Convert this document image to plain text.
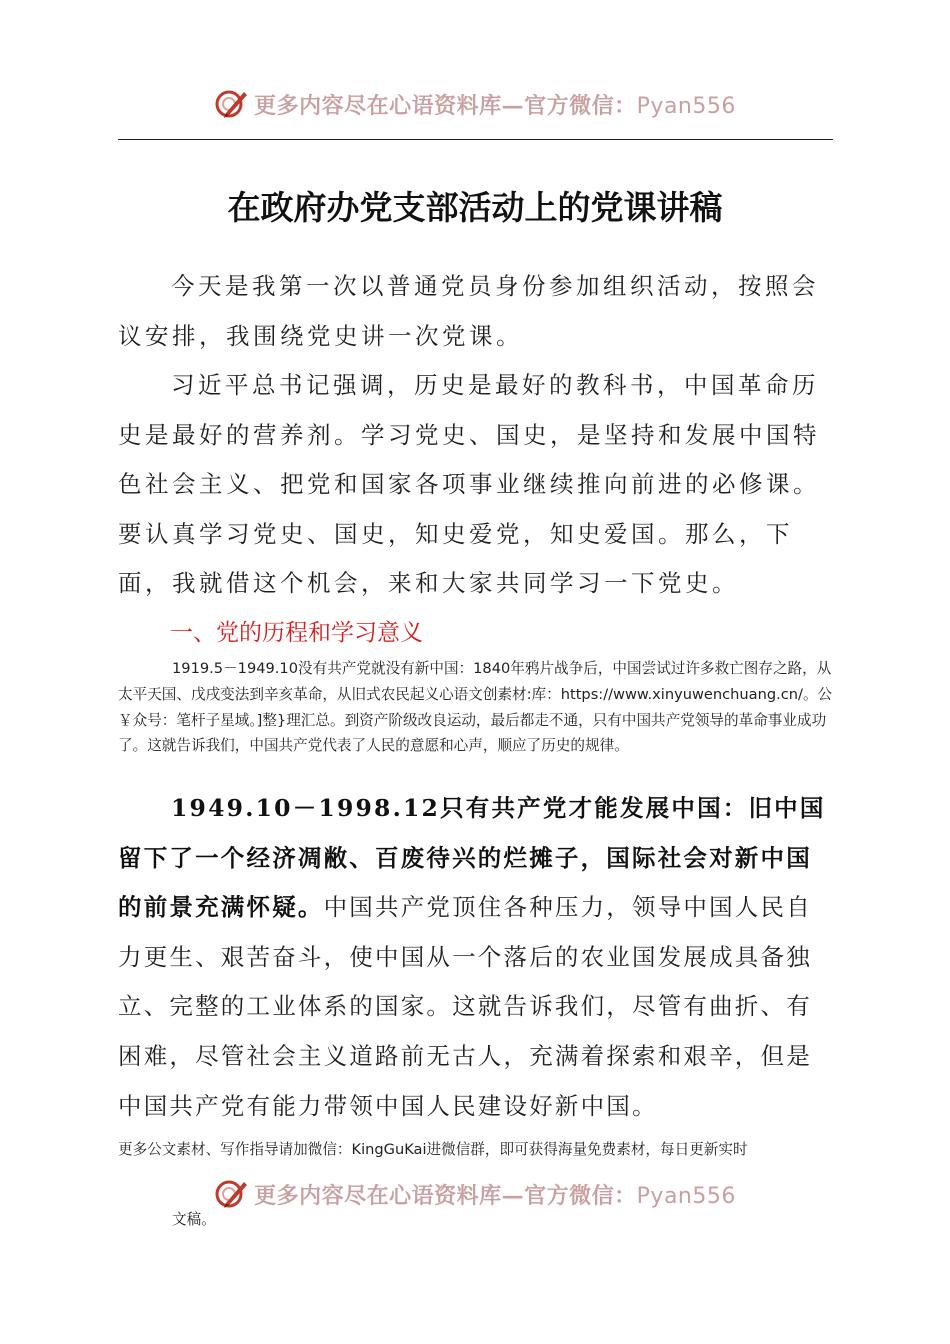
更多内容尽在心语资料库—官方微信：Pyan556
在政府办党支部活动上的党课讲稿
今天是我第一次以普通党员身份参加组织活动，按照会议安排，我围绕党史讲一次党课。
习近平总书记强调，历史是最好的教科书，中国革命历史是最好的营养剂。学习党史、国史，是坚持和发展中国特色社会主义、把党和国家各项事业继续推向前进的必修课。要认真学习党史、国史，知史爱党，知史爱国。那么，下面，我就借这个机会，来和大家共同学习一下党史。
一、党的历程和学习意义
1919.5－1949.10没有共产党就没有新中国：1840年鸦片战争后，中国尝试过许多救亡图存之路，从太平天国、戊戌变法到辛亥革命，从旧式农民起义心语文创素材:库：https://www.xinyuwenchuang.cn/。公￥众号：笔杆子星域。]整}理汇总。到资产阶级改良运动，最后都走不通，只有中国共产党领导的革命事业成功了。这就告诉我们，中国共产党代表了人民的意愿和心声，顺应了历史的规律。
1949.10－1998.12只有共产党才能发展中国：旧中国留下了一个经济凋敝、百废待兴的烂摊子，国际社会对新中国的前景充满怀疑。中国共产党顶住各种压力，领导中国人民自力更生、艰苦奋斗，使中国从一个落后的农业国发展成具备独立、完整的工业体系的国家。这就告诉我们，尽管有曲折、有困难，尽管社会主义道路前无古人，充满着探索和艰辛，但是中国共产党有能力带领中国人民建设好新中国。
更多公文素材、写作指导请加微信：KingGuKai进微信群，即可获得海量免费素材，每日更新实时
更多内容尽在心语资料库—官方微信：Pyan556
文稿。
